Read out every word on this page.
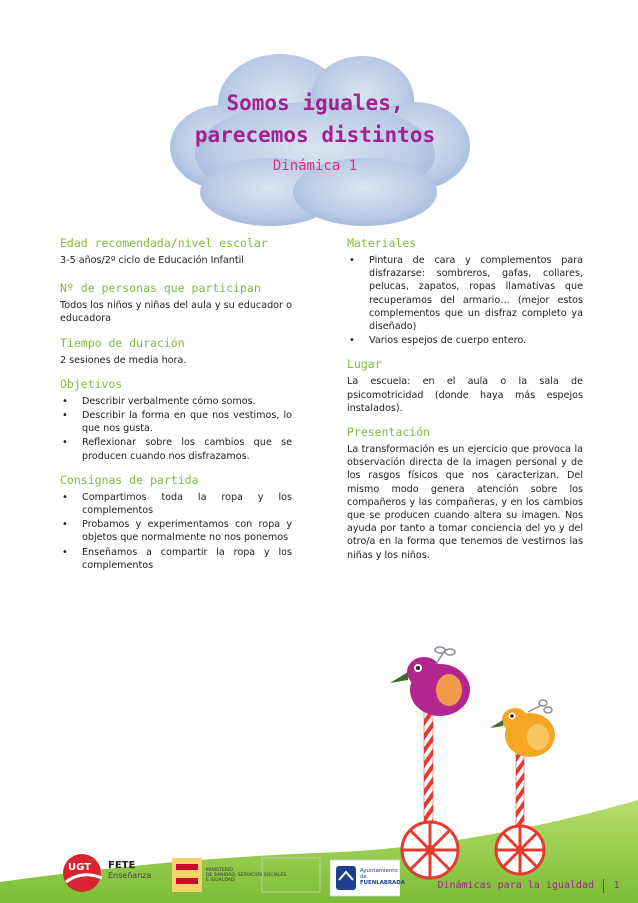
Somos iguales,
parecemos distintos
Dinámica 1
Edad recomendada/nivel escolar

3-5 años/2º ciclo de Educación Infantil

Nº de personas que participan

Todos los niños y niñas del aula y su educador o educadora

Tiempo de duración

2 sesiones de media hora.

Objetivos
• Describir verbalmente cómo somos.
• Describir la forma en que nos vestimos, lo que nos gusta.
• Reflexionar sobre los cambios que se producen cuando nos disfrazamos.
Consignas de partida
• Compartimos toda la ropa y los complementos
• Probamos y experimentamos con ropa y objetos que normalmente no nos ponemos
• Enseñamos a compartir la ropa y los complementos
Materiales
• Pintura de cara y complementos para disfrazarse: sombreros, gafas, collares, pelucas, zapatos, ropas llamativas que recuperamos del armario… (mejor estos complementos que un disfraz completo ya diseñado)
• Varios espejos de cuerpo entero.
Lugar

La escuela: en el aula o la sala de psicomotricidad (donde haya más espejos instalados).

Presentación

La transformación es un ejercicio que provoca la observación directa de la imagen personal y de los rasgos físicos que nos caracterizan. Del mismo modo genera atención sobre los compañeros y las compañeras, y en los cambios que se producen cuando altera su imagen. Nos ayuda por tanto a tomar conciencia del yo y del otro/a en la forma que tenemos de vestirnos las niñas y los niños.

UGT FETE
Enseñanza
MINISTERIO
DE SANIDAD, SERVICIOS SOCIALES
E IGUALDAD
Ayuntamiento de
FUENLABRADA	Dinámicas para la igualdad 1
